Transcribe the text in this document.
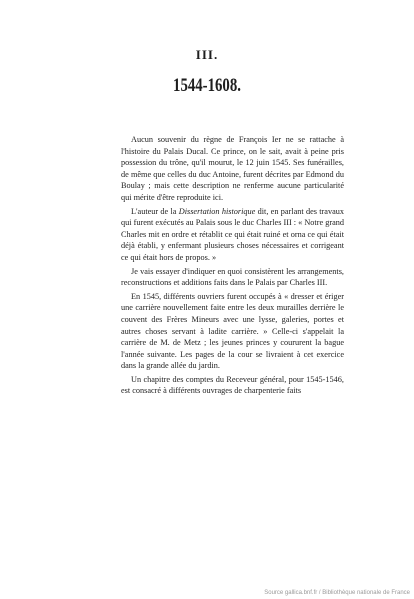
III.
1544-1608.

Aucun souvenir du règne de François Ier ne se rattache à l'histoire du Palais Ducal. Ce prince, on le sait, avait à peine pris possession du trône, qu'il mourut, le 12 juin 1545. Ses funérailles, de même que celles du duc Antoine, furent décrites par Edmond du Boulay ; mais cette description ne renferme aucune particularité qui mérite d'être reproduite ici.

L'auteur de la Dissertation historique dit, en parlant des travaux qui furent exécutés au Palais sous le duc Charles III : « Notre grand Charles mit en ordre et rétablit ce qui était ruiné et orna ce qui était déjà établi, y enfermant plusieurs choses nécessaires et corrigeant ce qui était hors de propos. »

Je vais essayer d'indiquer en quoi consistèrent les arrangements, reconstructions et additions faits dans le Palais par Charles III.

En 1545, différents ouvriers furent occupés à « dresser et ériger une carrière nouvellement faite entre les deux murailles derrière le couvent des Frères Mineurs avec une lysse, galeries, portes et autres choses servant à ladite carrière. » Celle-ci s'appelait la carrière de M. de Metz ; les jeunes princes y coururent la bague l'année suivante. Les pages de la cour se livraient à cet exercice dans la grande allée du jardin.

Un chapitre des comptes du Receveur général, pour 1545-1546, est consacré à différents ouvrages de charpenterie faits

Source gallica.bnf.fr / Bibliothèque nationale de France
